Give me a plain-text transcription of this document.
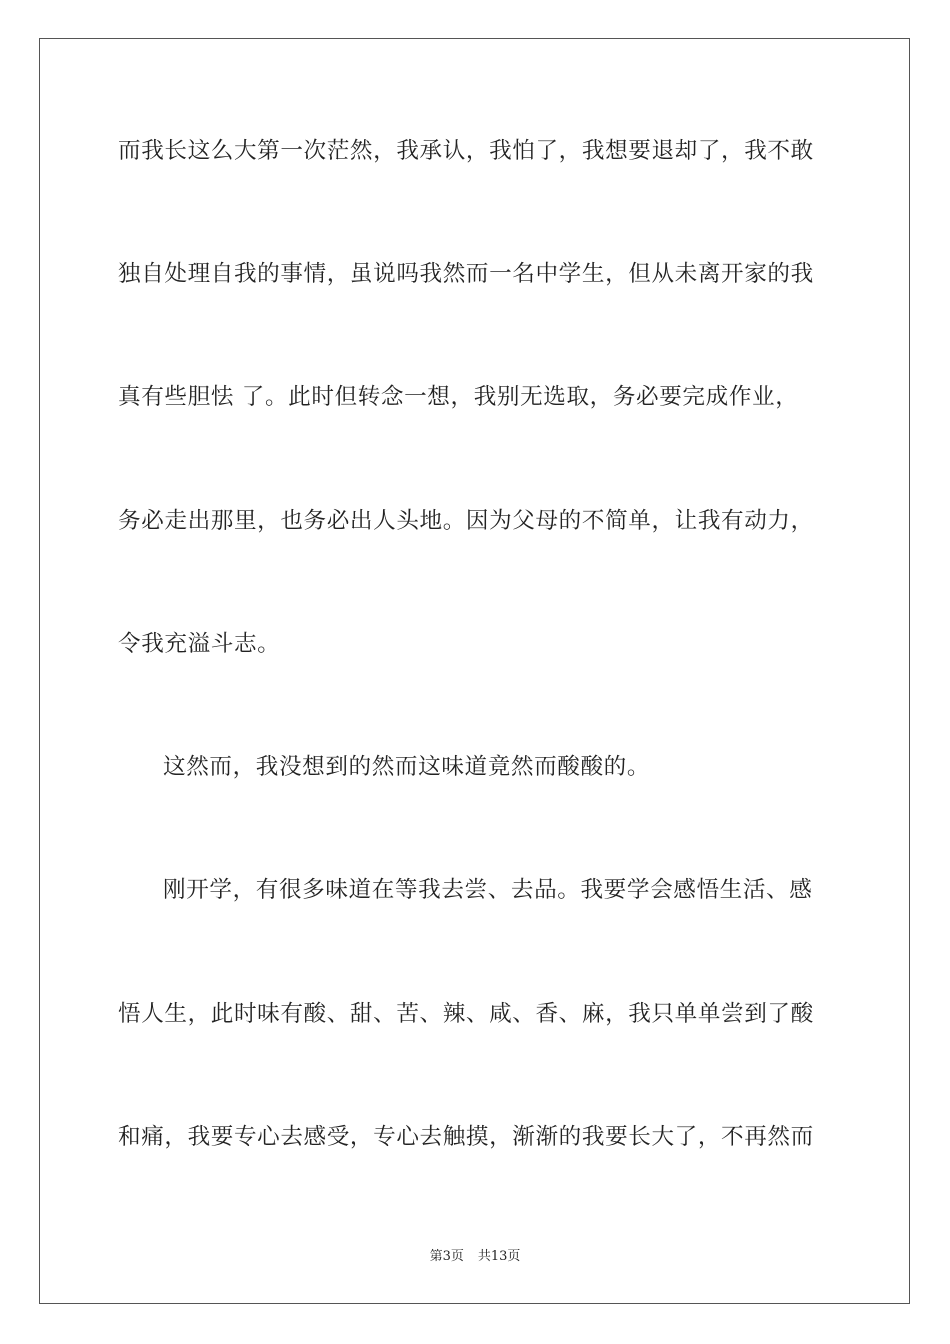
而我长这么大第一次茫然，我承认，我怕了，我想要退却了，我不敢
独自处理自我的事情，虽说吗我然而一名中学生，但从未离开家的我
真有些胆怯 了。此时但转念一想，我别无选取，务必要完成作业，
务必走出那里，也务必出人头地。因为父母的不简单，让我有动力，
令我充溢斗志。
这然而，我没想到的然而这味道竟然而酸酸的。
刚开学，有很多味道在等我去尝、去品。我要学会感悟生活、感
悟人生，此时味有酸、甜、苦、辣、咸、香、麻，我只单单尝到了酸
和痛，我要专心去感受，专心去触摸，渐渐的我要长大了，不再然而
第3页 共13页
